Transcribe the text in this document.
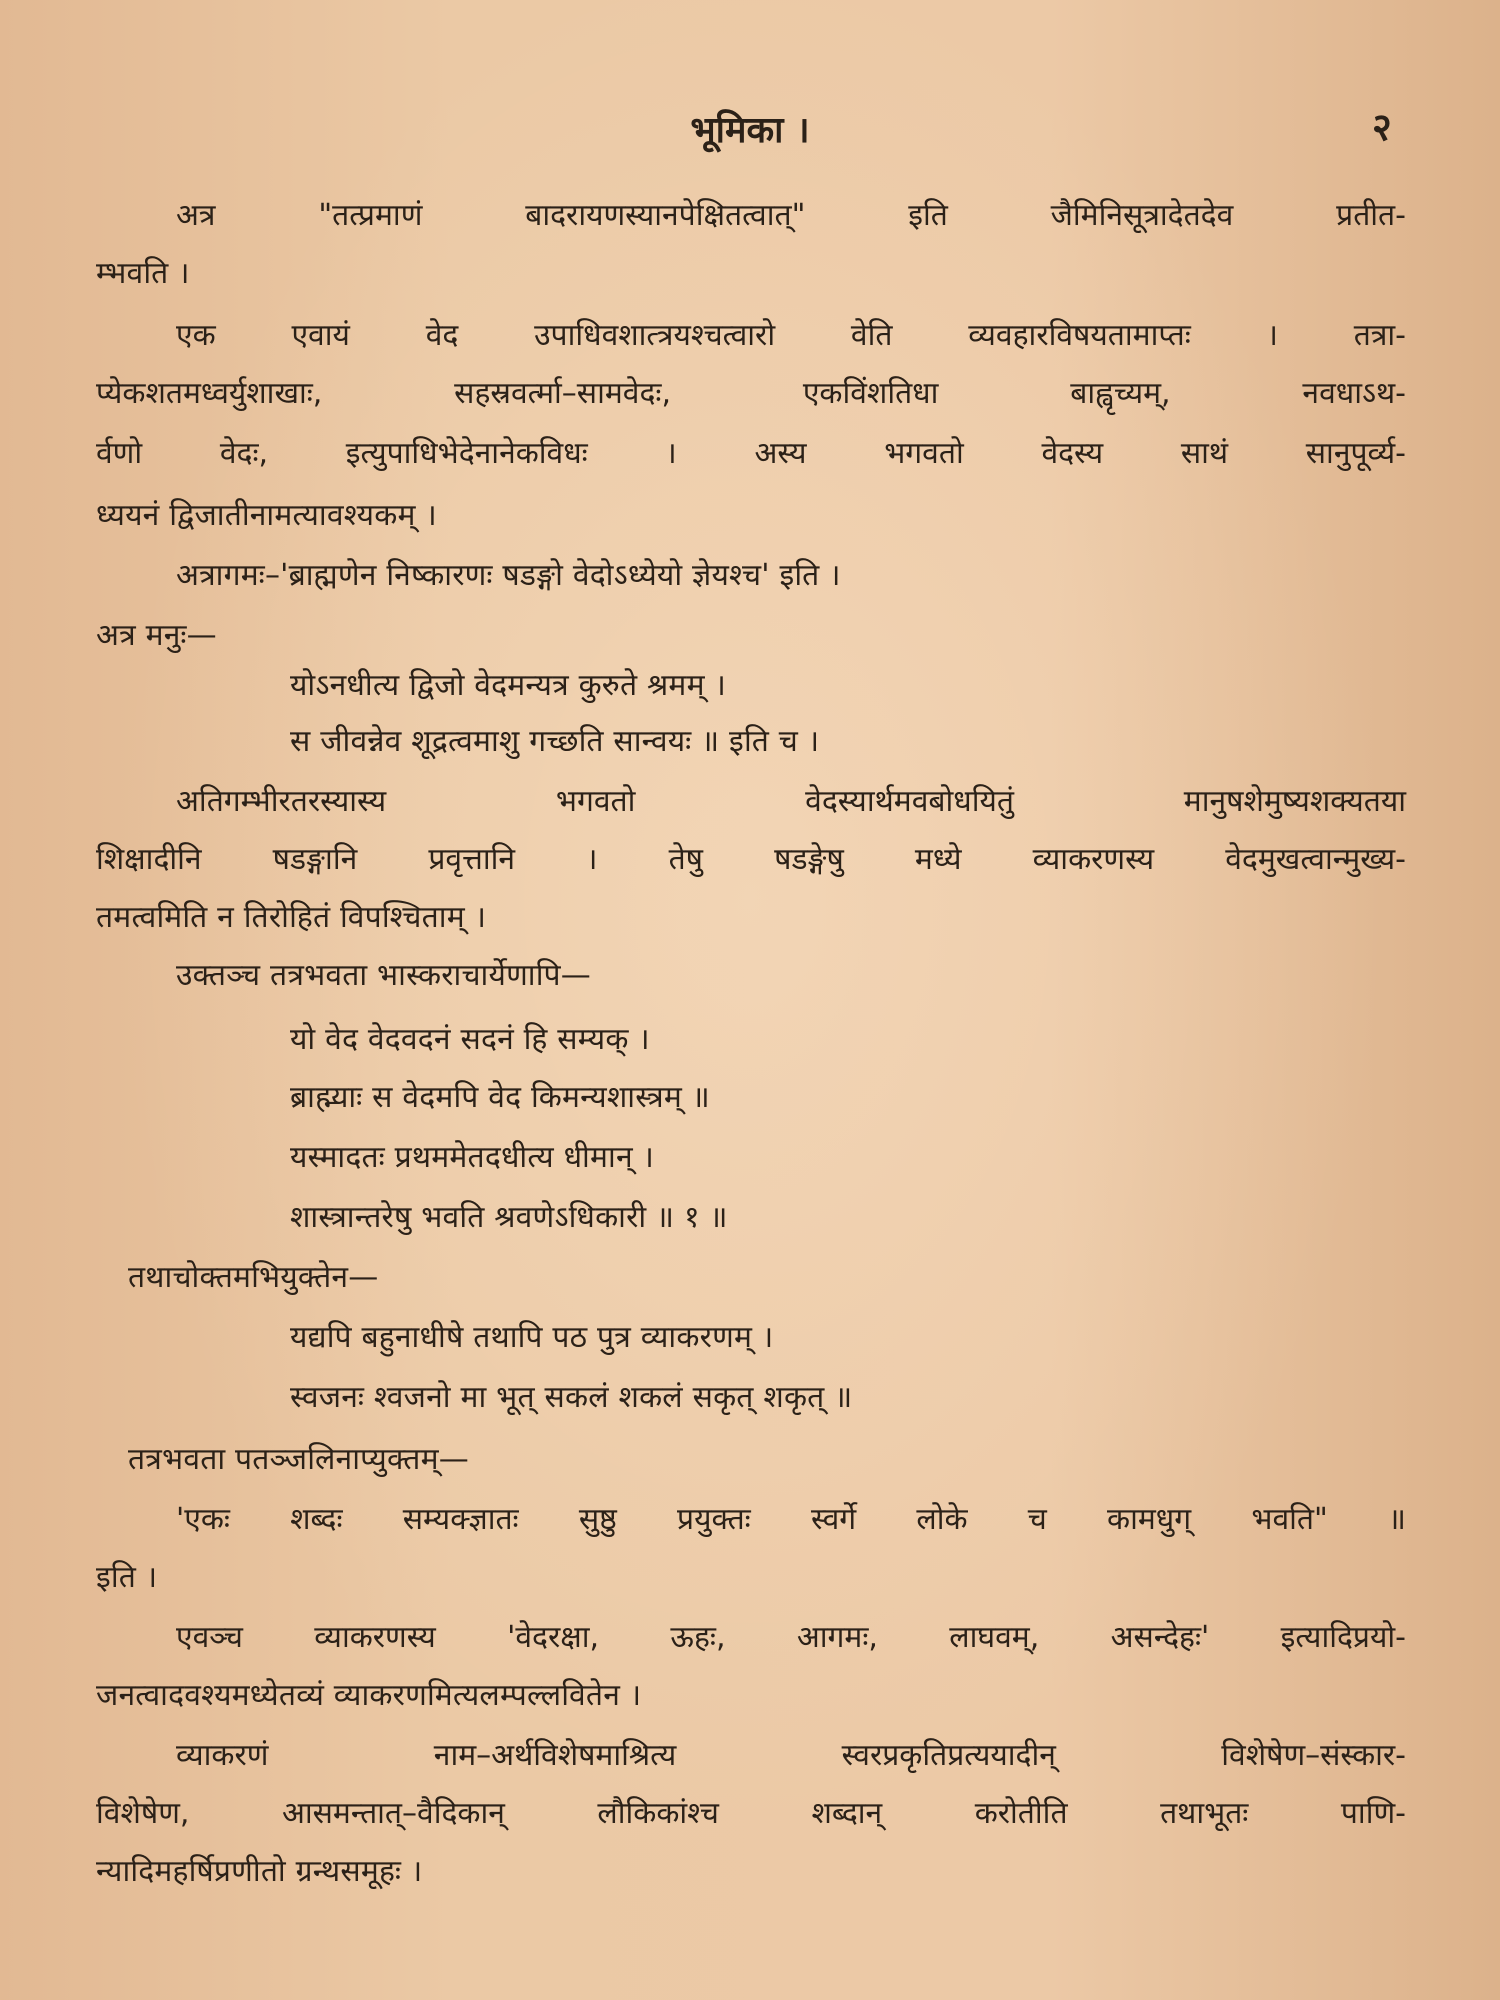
भूमिका ।	२
अत्र "तत्प्रमाणं बादरायणस्यानपेक्षितत्वात्" इति जैमिनिसूत्रादेतदेव प्रतीत-
म्भवति ।
एक एवायं वेद उपाधिवशात्त्रयश्चत्वारो वेति व्यवहारविषयतामाप्तः । तत्रा-
प्येकशतमध्वर्युशाखाः, सहस्रवर्त्मा–सामवेदः, एकविंशतिधा बाह्वृच्यम्, नवधाऽथ-
र्वणो वेदः, इत्युपाधिभेदेनानेकविधः । अस्य भगवतो वेदस्य साथं सानुपूर्व्य-
ध्ययनं द्विजातीनामत्यावश्यकम् ।
अत्रागमः–'ब्राह्मणेन निष्कारणः षडङ्गो वेदोऽध्येयो ज्ञेयश्च' इति ।
अत्र मनुः—
योऽनधीत्य द्विजो वेदमन्यत्र कुरुते श्रमम् ।
स जीवन्नेव शूद्रत्वमाशु गच्छति सान्वयः ॥ इति च ।
अतिगम्भीरतरस्यास्य भगवतो वेदस्यार्थमवबोधयितुं मानुषशेमुष्यशक्यतया
शिक्षादीनि षडङ्गानि प्रवृत्तानि । तेषु षडङ्गेषु मध्ये व्याकरणस्य वेदमुखत्वान्मुख्य-
तमत्वमिति न तिरोहितं विपश्चिताम् ।
उक्तञ्च तत्रभवता भास्कराचार्येणापि—
यो वेद वेदवदनं सदनं हि सम्यक् ।
ब्राह्म्याः स वेदमपि वेद किमन्यशास्त्रम् ॥
यस्मादतः प्रथममेतदधीत्य धीमान् ।
शास्त्रान्तरेषु भवति श्रवणेऽधिकारी ॥ १ ॥
तथाचोक्तमभियुक्तेन—
यद्यपि बहुनाधीषे तथापि पठ पुत्र व्याकरणम् ।
स्वजनः श्वजनो मा भूत् सकलं शकलं सकृत् शकृत् ॥
तत्रभवता पतञ्जलिनाप्युक्तम्—
'एकः शब्दः सम्यक्ज्ञातः सुष्ठु प्रयुक्तः स्वर्गे लोके च कामधुग् भवति" ॥
इति ।
एवञ्च व्याकरणस्य 'वेदरक्षा, ऊहः, आगमः, लाघवम्, असन्देहः' इत्यादिप्रयो-
जनत्वादवश्यमध्येतव्यं व्याकरणमित्यलम्पल्लवितेन ।
व्याकरणं नाम–अर्थविशेषमाश्रित्य स्वरप्रकृतिप्रत्ययादीन् विशेषेण–संस्कार-
विशेषेण, आसमन्तात्–वैदिकान् लौकिकांश्च शब्दान् करोतीति तथाभूतः पाणि-
न्यादिमहर्षिप्रणीतो ग्रन्थसमूहः ।
